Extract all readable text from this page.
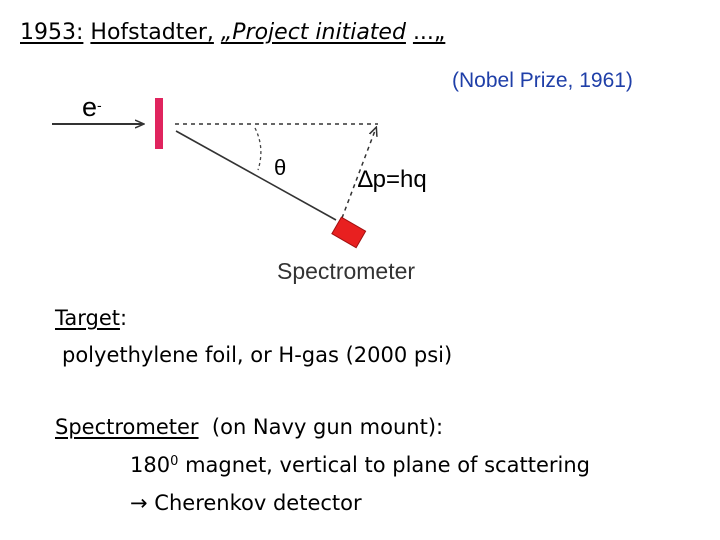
1953: Hofstadter, „Project initiated ...„
(Nobel Prize, 1961)
e-
θ	∆p=hq
Spectrometer
Target:
polyethylene foil, or H-gas (2000 psi)
Spectrometer (on Navy gun mount):
$180^0$ magnet, vertical to plane of scattering
→ Cherenkov detector
